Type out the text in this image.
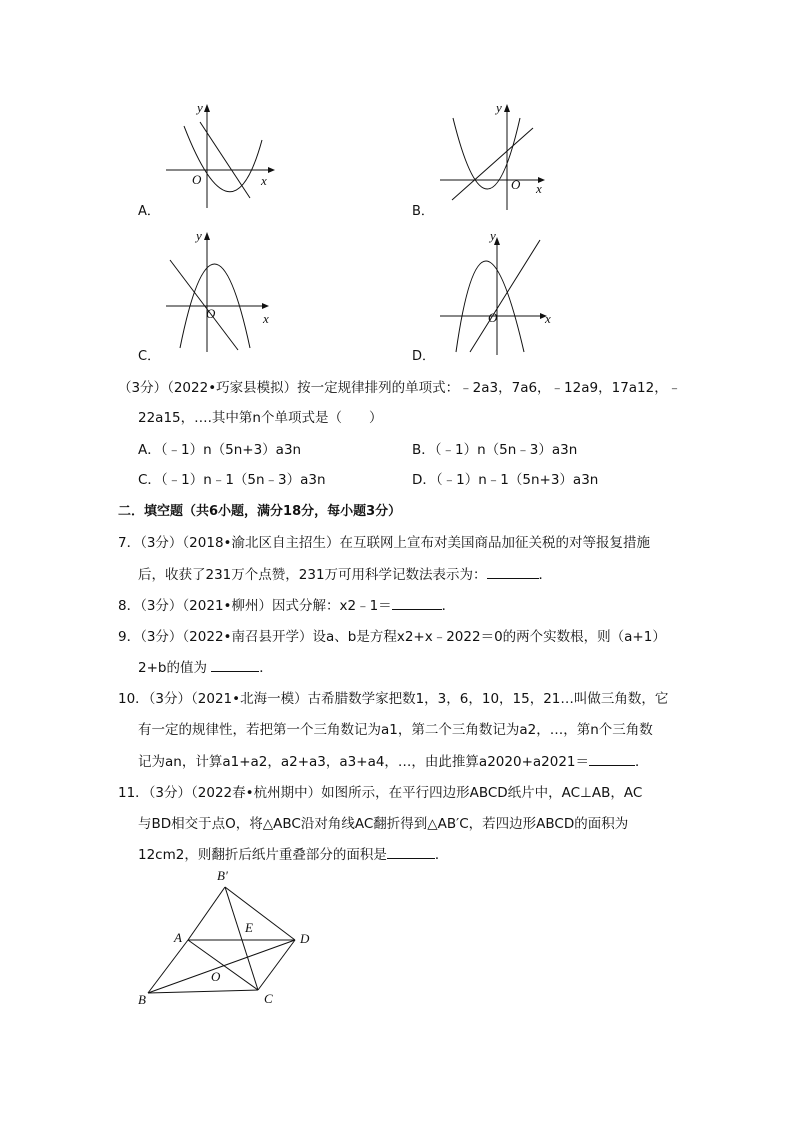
y
x
O
A．
y
x
O
B．
y
x
O
C．
y
x
O
D．
（3分）（2022•巧家县模拟）按一定规律排列的单项式：﹣2a3，7a6，﹣12a9，17a12，﹣
22a15，….其中第n个单项式是（　　）
A．（﹣1）n（5n+3）a3n	B．（﹣1）n（5n﹣3）a3n
C．（﹣1）n﹣1（5n﹣3）a3n	D．（﹣1）n﹣1（5n+3）a3n
二．填空题（共6小题，满分18分，每小题3分）
7．（3分）（2018•渝北区自主招生）在互联网上宣布对美国商品加征关税的对等报复措施
后，收获了231万个点赞，231万可用科学记数法表示为：	．
8．（3分）（2021•柳州）因式分解：x2﹣1＝	．
9．（3分）（2022•南召县开学）设a、b是方程x2+x﹣2022＝0的两个实数根，则（a+1）
2+b的值为	．
10．（3分）（2021•北海一模）古希腊数学家把数1，3，6，10，15，21…叫做三角数，它
有一定的规律性，若把第一个三角数记为a1，第二个三角数记为a2，…，第n个三角数
记为an，计算a1+a2，a2+a3，a3+a4，…，由此推算a2020+a2021＝	．
11．（3分）（2022春•杭州期中）如图所示，在平行四边形ABCD纸片中，AC⊥AB，AC
与BD相交于点O，将△ABC沿对角线AC翻折得到△AB′C，若四边形ABCD的面积为
12cm2，则翻折后纸片重叠部分的面积是	．
B′
A
E
D
O
B	C
